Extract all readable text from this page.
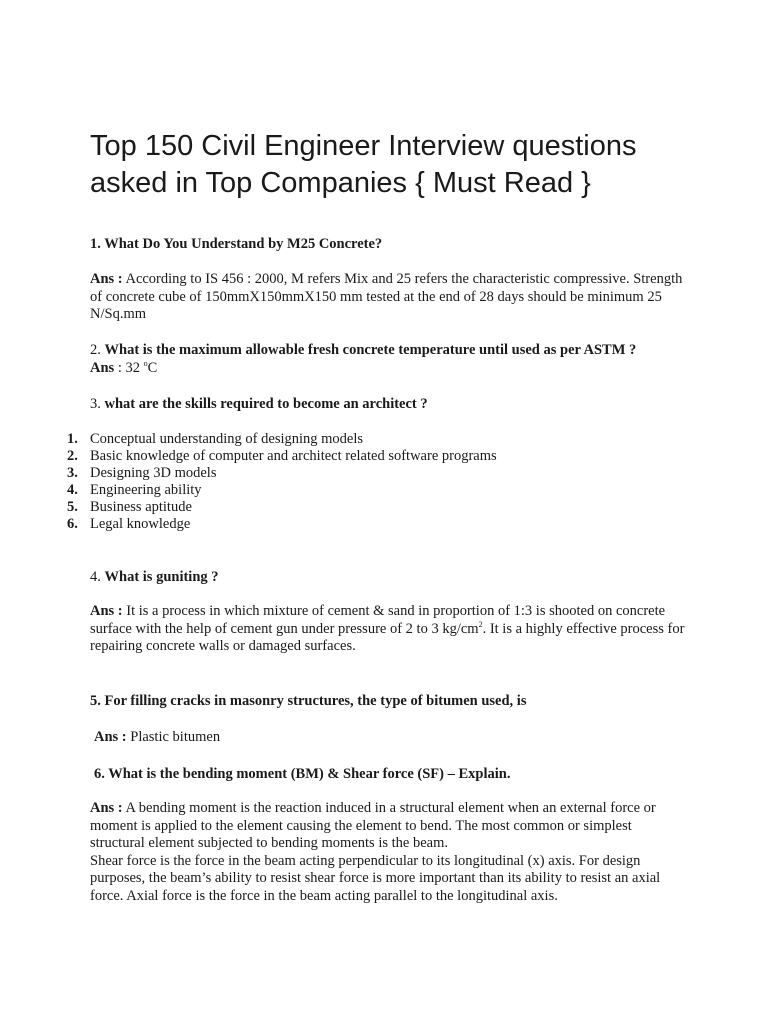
Top 150 Civil Engineer Interview questions asked in Top Companies { Must Read }

1. What Do You Understand by M25 Concrete?

Ans : According to IS 456 : 2000, M refers Mix and 25 refers the characteristic compressive. Strength of concrete cube of 150mmX150mmX150 mm tested at the end of 28 days should be minimum 25 N/Sq.mm

2. What is the maximum allowable fresh concrete temperature until used as per ASTM ?
Ans : 32 $^o$C

3. what are the skills required to become an architect ?

1. Conceptual understanding of designing models
2. Basic knowledge of computer and architect related software programs
3. Designing 3D models
4. Engineering ability
5. Business aptitude
6. Legal knowledge

4. What is guniting ?

Ans : It is a process in which mixture of cement & sand in proportion of 1:3 is shooted on concrete surface with the help of cement gun under pressure of 2 to 3 $kg/cm^2$. It is a highly effective process for repairing concrete walls or damaged surfaces.

5. For filling cracks in masonry structures, the type of bitumen used, is

Ans : Plastic bitumen

6. What is the bending moment (BM) & Shear force (SF) – Explain.

Ans : A bending moment is the reaction induced in a structural element when an external force or moment is applied to the element causing the element to bend. The most common or simplest structural element subjected to bending moments is the beam.
Shear force is the force in the beam acting perpendicular to its longitudinal (x) axis. For design purposes, the beam’s ability to resist shear force is more important than its ability to resist an axial force. Axial force is the force in the beam acting parallel to the longitudinal axis.
